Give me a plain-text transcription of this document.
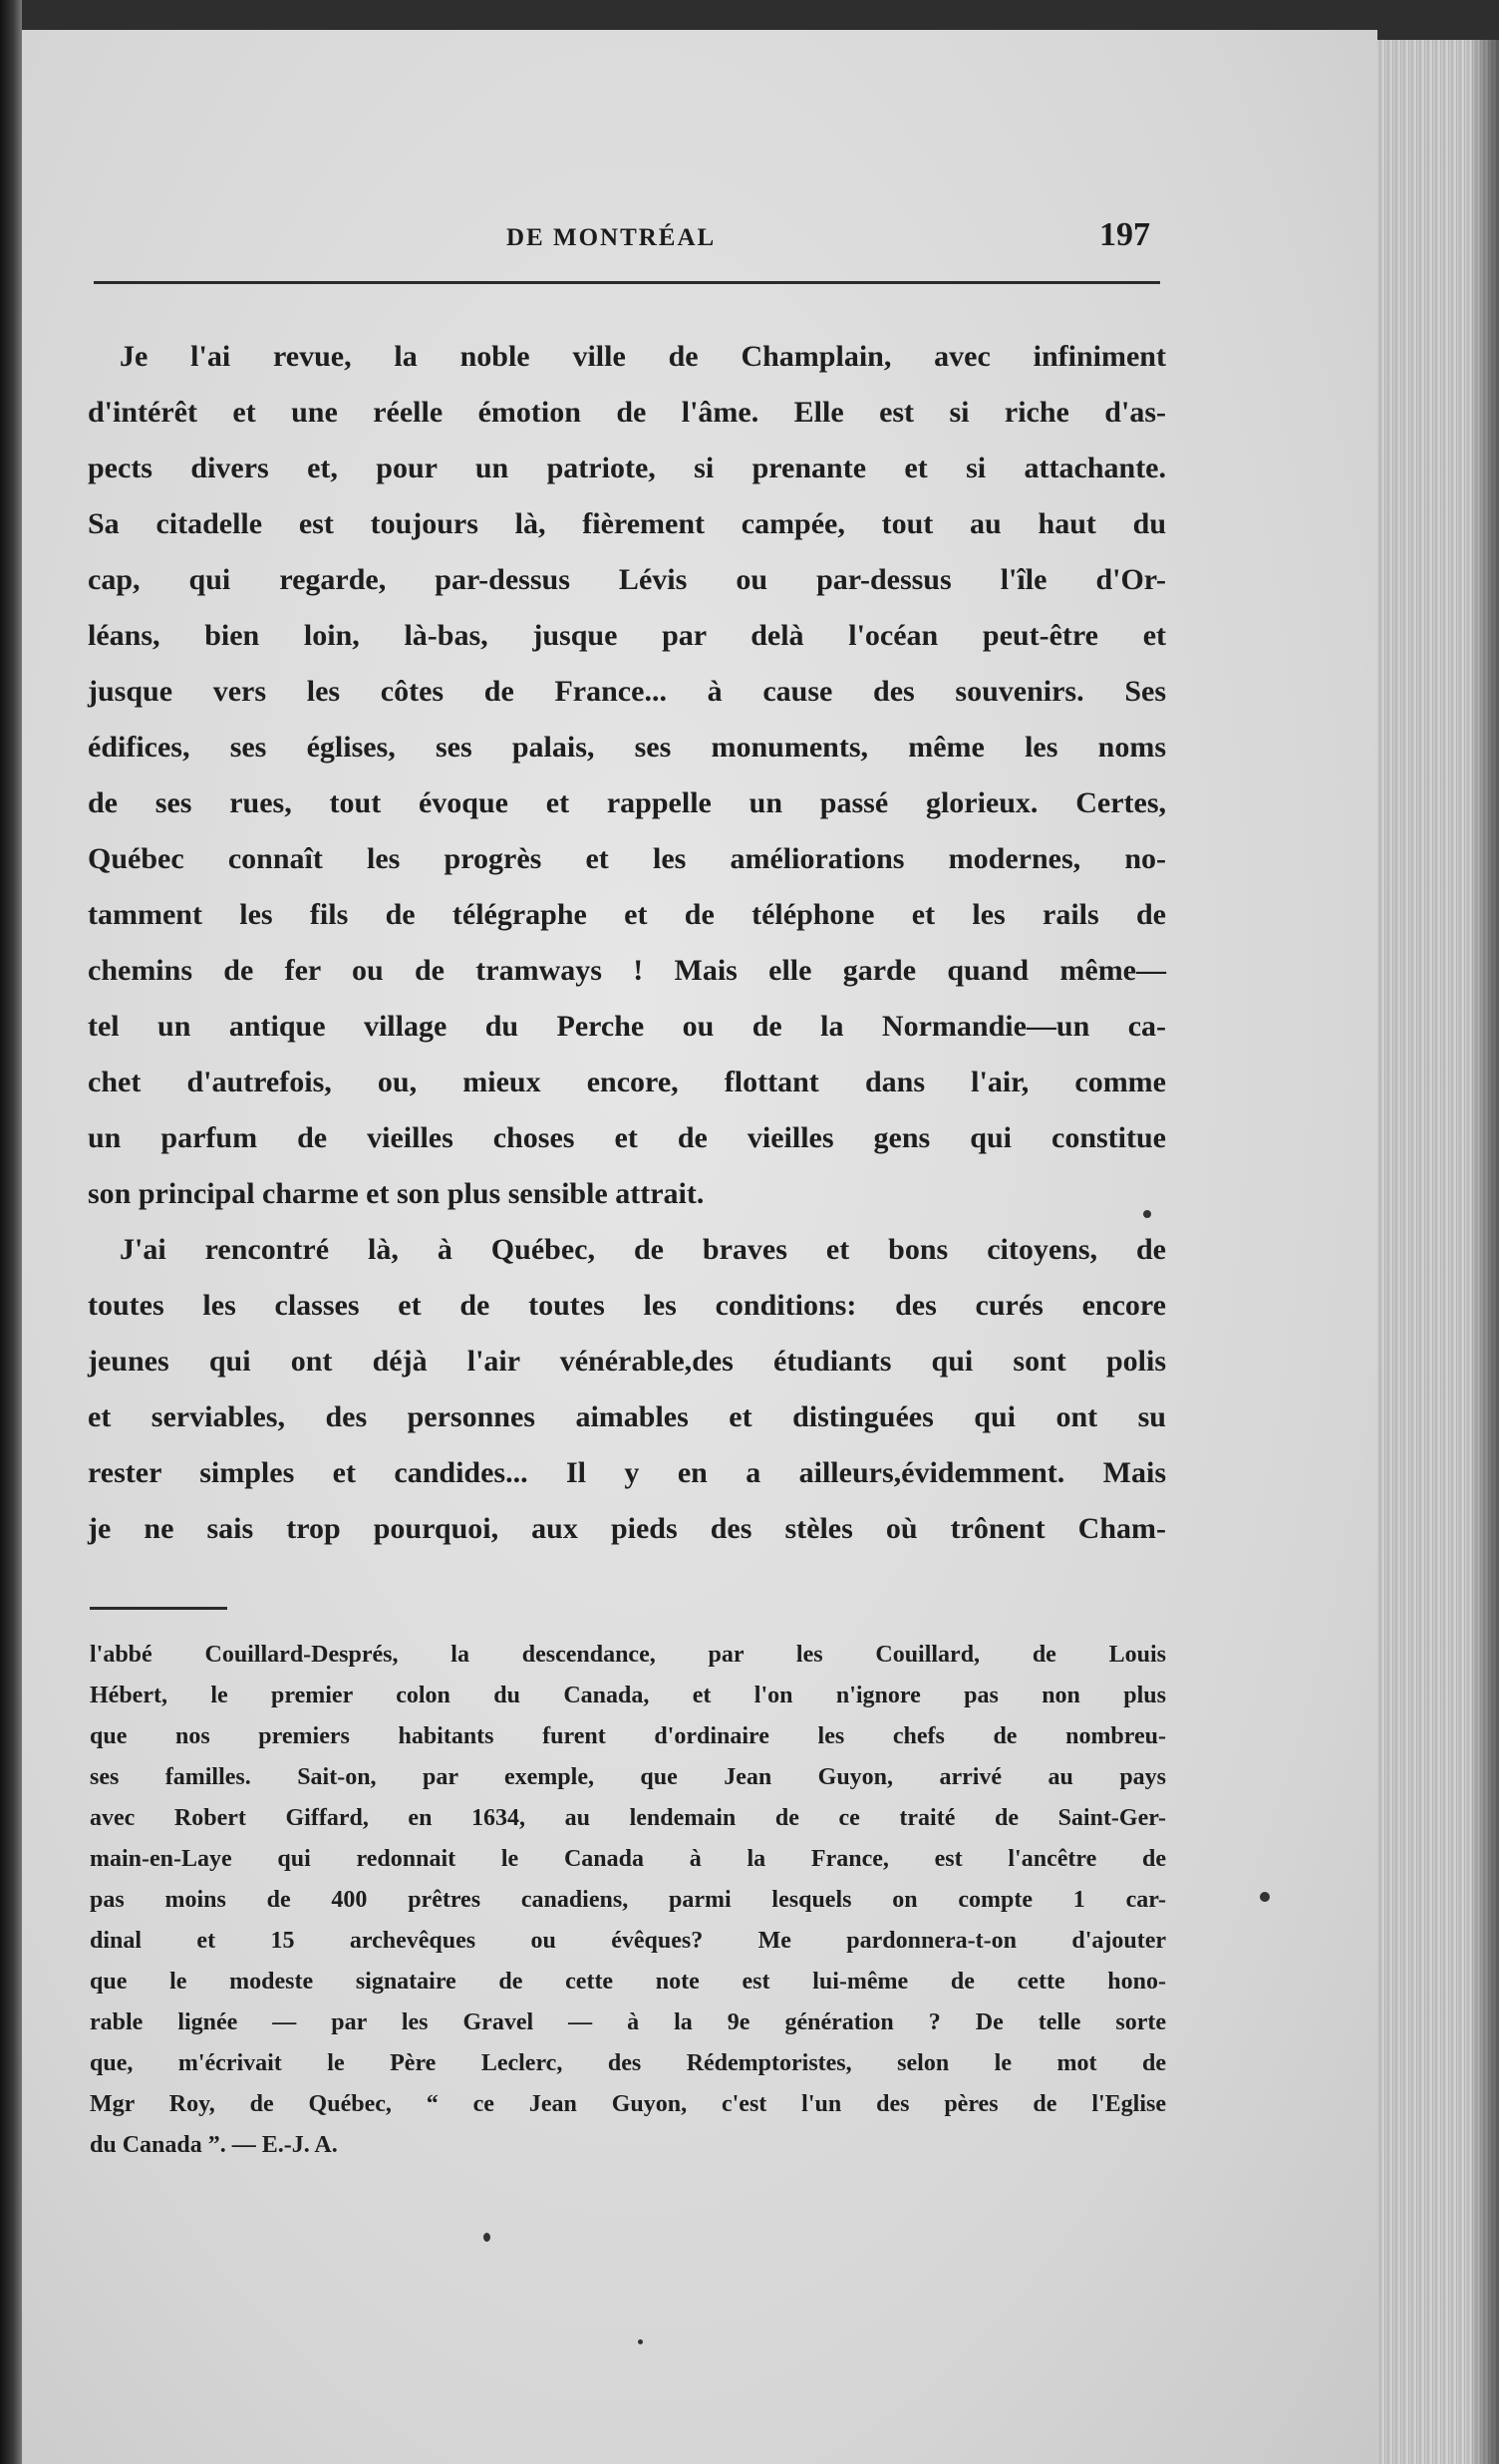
DE MONTRÉAL	197
Je l'ai revue, la noble ville de Champlain, avec infiniment
d'intérêt et une réelle émotion de l'âme. Elle est si riche d'as-
pects divers et, pour un patriote, si prenante et si attachante.
Sa citadelle est toujours là, fièrement campée, tout au haut du
cap, qui regarde, par-dessus Lévis ou par-dessus l'île d'Or-
léans, bien loin, là-bas, jusque par delà l'océan peut-être et
jusque vers les côtes de France... à cause des souvenirs. Ses
édifices, ses églises, ses palais, ses monuments, même les noms
de ses rues, tout évoque et rappelle un passé glorieux. Certes,
Québec connaît les progrès et les améliorations modernes, no-
tamment les fils de télégraphe et de téléphone et les rails de
chemins de fer ou de tramways ! Mais elle garde quand même—
tel un antique village du Perche ou de la Normandie—un ca-
chet d'autrefois, ou, mieux encore, flottant dans l'air, comme
un parfum de vieilles choses et de vieilles gens qui constitue
son principal charme et son plus sensible attrait.
J'ai rencontré là, à Québec, de braves et bons citoyens, de
toutes les classes et de toutes les conditions: des curés encore
jeunes qui ont déjà l'air vénérable,des étudiants qui sont polis
et serviables, des personnes aimables et distinguées qui ont su
rester simples et candides... Il y en a ailleurs,évidemment. Mais
je ne sais trop pourquoi, aux pieds des stèles où trônent Cham-
l'abbé Couillard-Després, la descendance, par les Couillard, de Louis
Hébert, le premier colon du Canada, et l'on n'ignore pas non plus
que nos premiers habitants furent d'ordinaire les chefs de nombreu-
ses familles. Sait-on, par exemple, que Jean Guyon, arrivé au pays
avec Robert Giffard, en 1634, au lendemain de ce traité de Saint-Ger-
main-en-Laye qui redonnait le Canada à la France, est l'ancêtre de
pas moins de 400 prêtres canadiens, parmi lesquels on compte 1 car-
dinal et 15 archevêques ou évêques? Me pardonnera-t-on d'ajouter
que le modeste signataire de cette note est lui-même de cette hono-
rable lignée — par les Gravel — à la 9e génération ? De telle sorte
que, m'écrivait le Père Leclerc, des Rédemptoristes, selon le mot de
Mgr Roy, de Québec, “ ce Jean Guyon, c'est l'un des pères de l'Eglise
du Canada ”. — E.-J. A.
